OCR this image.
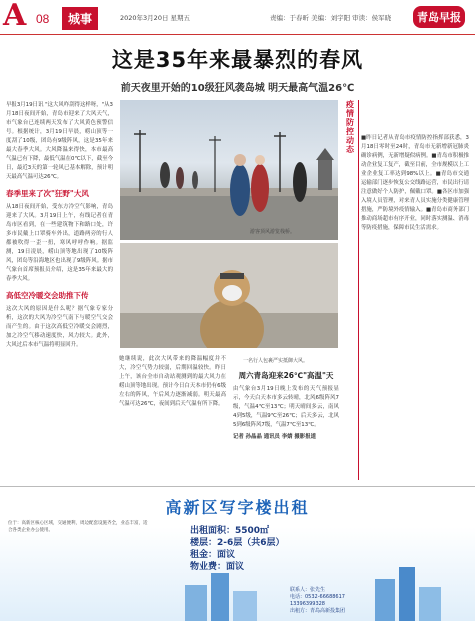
A 08	城事	2020年3月20日 星期五	责编：于春昕 美编：刘宇阳 审读：侯军晓	青岛早报
这是35年来最暴烈的春风
前天夜里开始的10级狂风袭岛城 明天最高气温26℃
早报3月19日讯 "这大风咋刮得这样呀，"从3月18日夜间开始，青岛市迎来了大风天气，市气象台已连续两天发布了大风黄色预警信号。根据统计，3月19日早晨，崂山顶等一度刮了10级，团岛有9级阵风，这是35年来最大春季大风。大风降温来得快，本市最高气温已有下降，最低气温在0℃以下，截至今日，最近3天的第一轮风已基本解除，预计明天最高气温可达26℃。
春季里来了次"狂野"大风
从18日夜间开始，受东方冷空气影响，青岛迎来了大风。3月19日上午，有线记者在青岛市区看到，在一些建筑物下和路口处，许多市民戴上口罩骑车外出，道路两旁的行人都被吹得一歪一扭，寒风呼呼作响。据监测，19日凌晨，崂山顶等地出现了10级阵风，团岛等沿海地区也出现了9级阵风。据市气象台首席预报员介绍，这是35年来最大的春季大风。
高低空冷暖交会助推下传
这次大风的原因是什么呢？据气象专家分析，这次的大风为冷空气南下与暖空气交会而产生的。由于这次高低空冷暖交会剧烈，加之冷空气移动速度快，风力较大。此外，大风过后本市气温将明显回升。
游客顶风游览栈桥。
一名行人包裹严实抵御大风。
她继续说，此次大风带来的降温幅度并不大，冷空气势力较弱，后期回温较快。昨日上午，该台全市自动站观测到的最大风力在崂山顶等地出现。预计今日白天本市仍有6级左右的阵风，午后风力逐渐减弱。明天最高气温可达26℃，夜间到后天气温有所下降。
周六青岛迎来26℃"高温"天
由气象台3月19日晚上发布的天气预报显示，今天白天本市多云转晴，北风6级阵风7级，气温4℃至13℃；明天晴间多云，南风4到5级，气温9℃至26℃；后天多云，北风5到6级阵风7级，气温7℃至13℃。
记者 孙晶晶 通讯员 李婧 摄影报道
疫情防控动态
■昨日记者从青岛市疫情防控指挥部获悉，3月18日零时至24时，青岛市无新增新冠肺炎确诊病例，无新增疑似病例。■青岛市积极推动企业复工复产，截至目前，全市规模以上工业企业复工率达到98%以上。■青岛市交通运输部门逐步恢复公交线路运营，市民出行请注意做好个人防护，佩戴口罩。■各区市加强入境人员管理，对来青人员实施分类健康管理措施，严防境外疫情输入。■青岛市商务部门推动商场超市有序开业，同时落实测温、消毒等防疫措施，保障市民生活需求。
高新区写字楼出租
位于：高新区核心区域，交通便利，周边配套设施齐全，业态丰富，适合各类企业办公使用。	出租面积：5500㎡
楼层：2-6层（共6层）
租金：面议
物业费：面议
联系人：张先生
电话：0532-66688617
13396399328
出租方：青岛高新投集团
